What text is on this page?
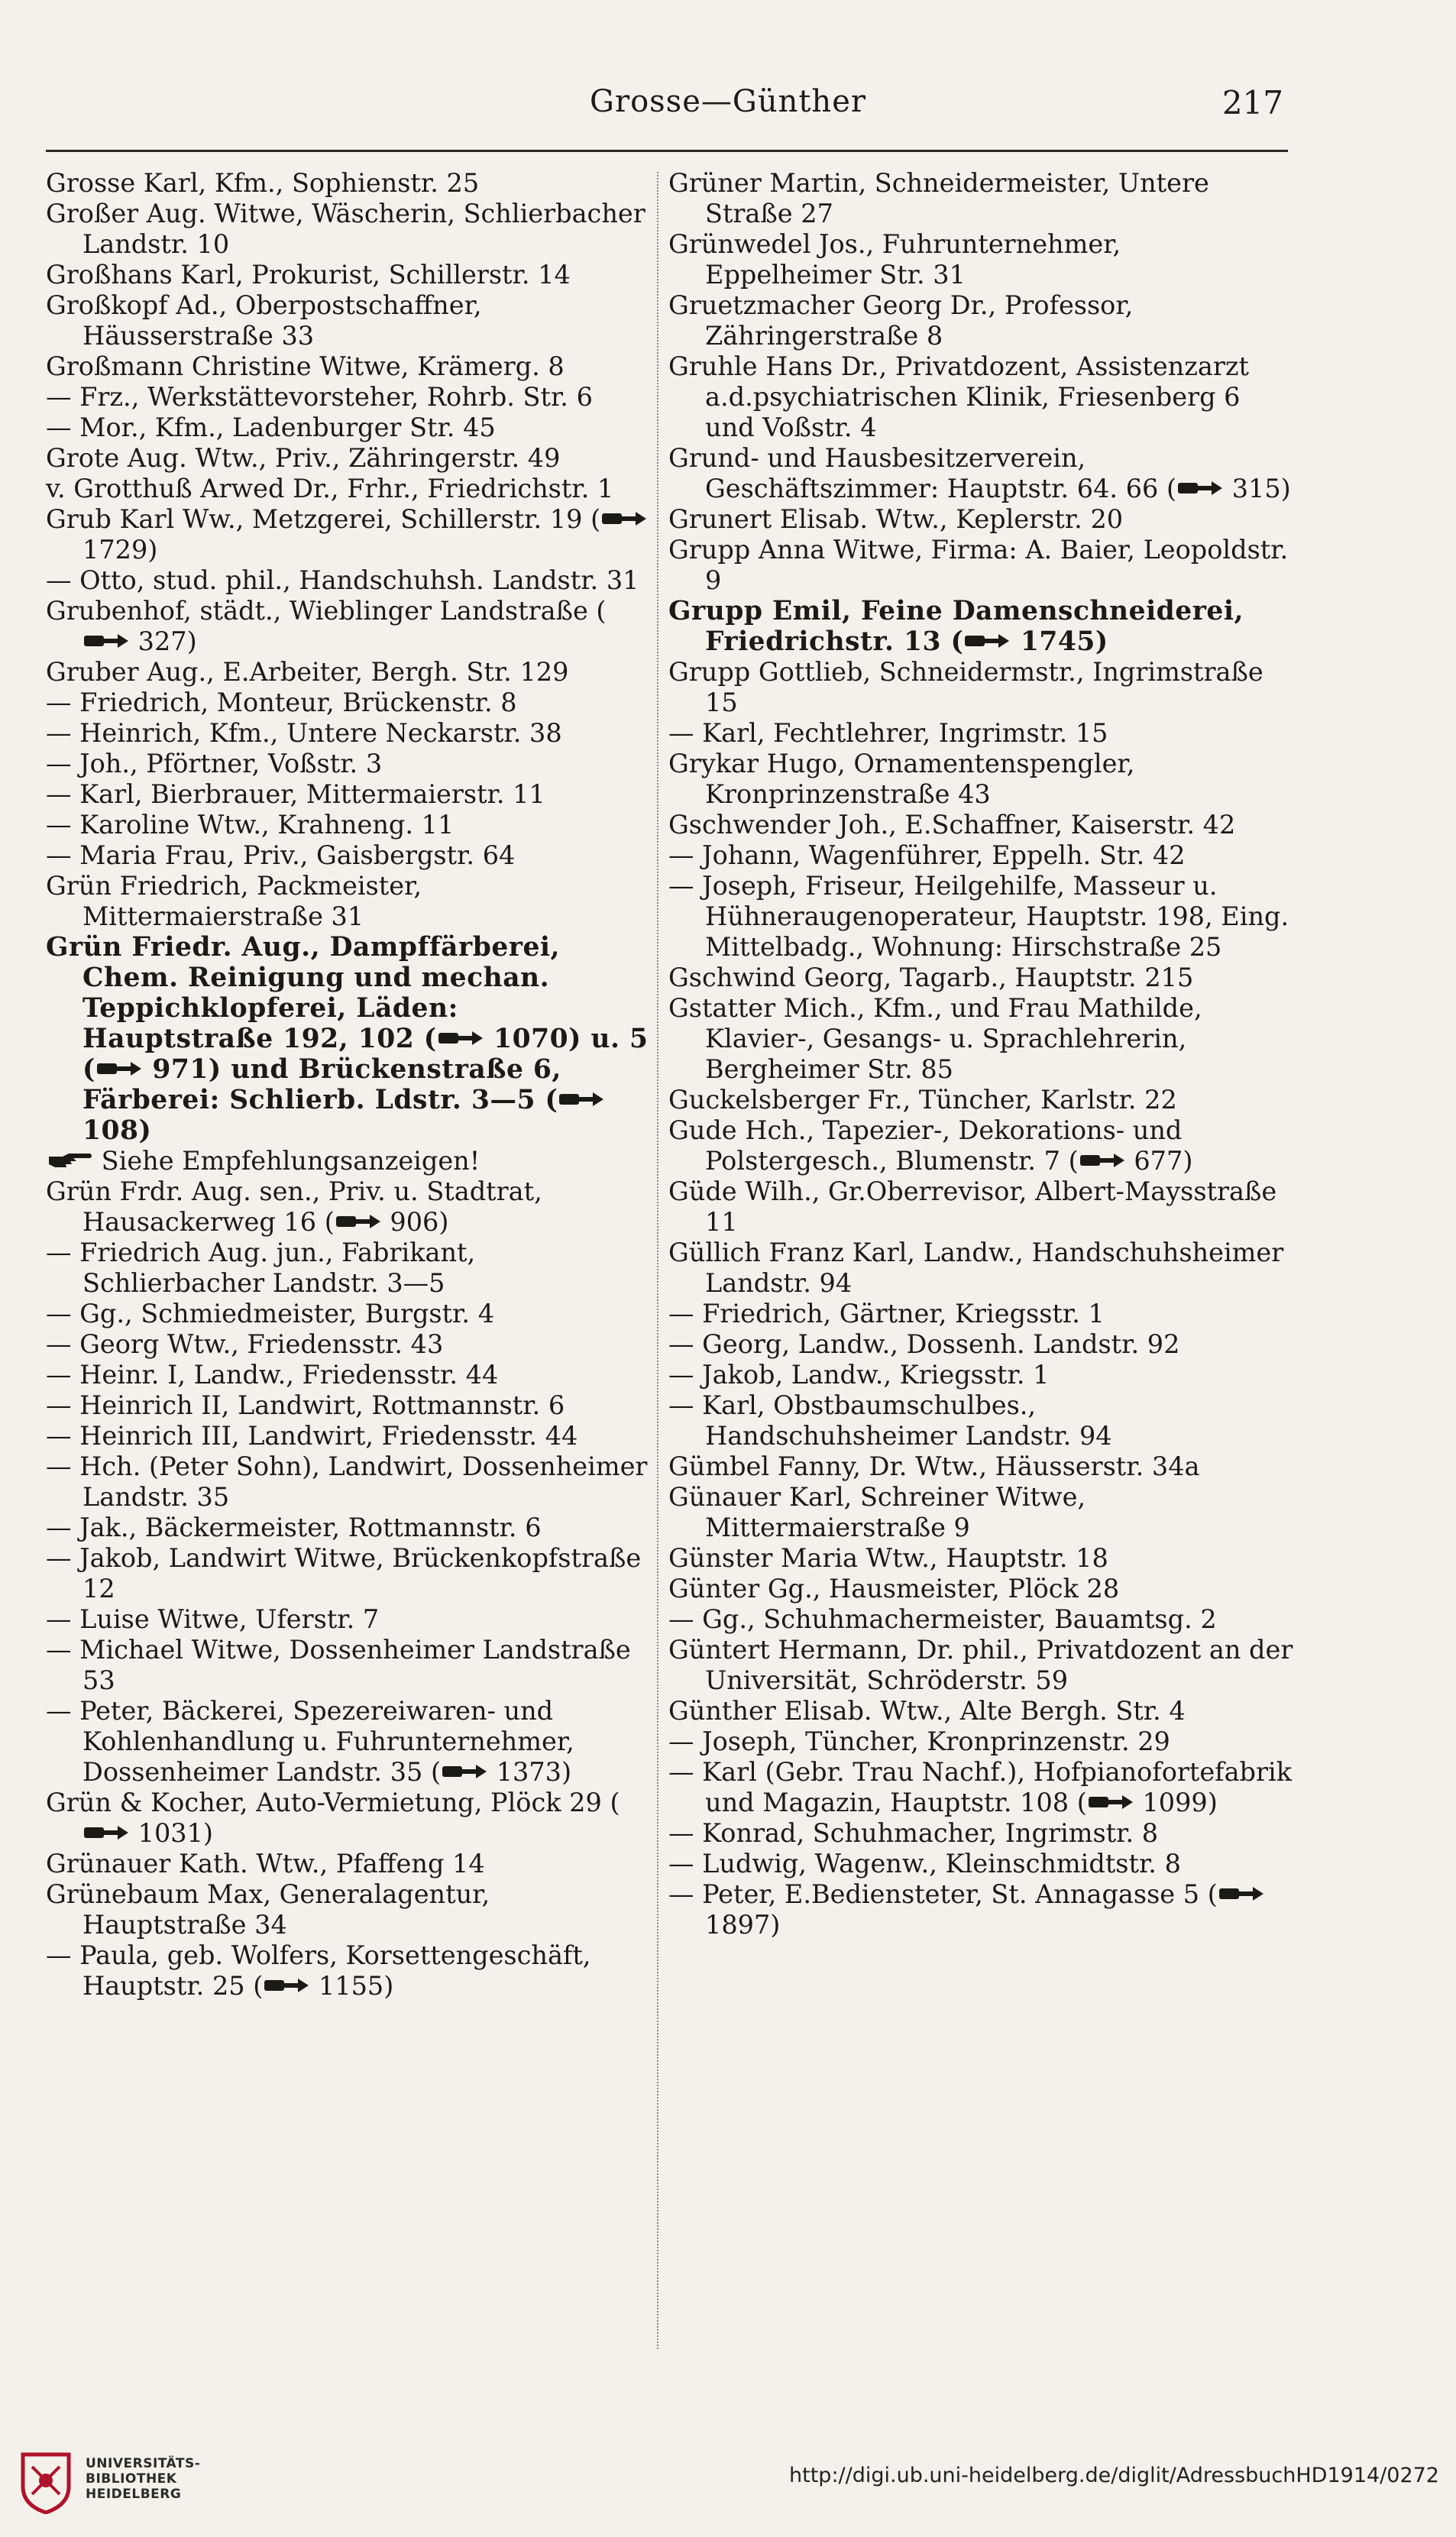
Grosse—Günther	217
Grosse Karl, Kfm., Sophienstr. 25
Großer Aug. Witwe, Wäscherin, Schlierbacher Landstr. 10
Großhans Karl, Prokurist, Schillerstr. 14
Großkopf Ad., Oberpostschaffner, Häusserstraße 33
Großmann Christine Witwe, Krämerg. 8
— Frz., Werkstättevorsteher, Rohrb. Str. 6
— Mor., Kfm., Ladenburger Str. 45
Grote Aug. Wtw., Priv., Zähringerstr. 49
v. Grotthuß Arwed Dr., Frhr., Friedrichstr. 1
Grub Karl Ww., Metzgerei, Schillerstr. 19 ( 1729)
— Otto, stud. phil., Handschuhsh. Landstr. 31
Grubenhof, städt., Wieblinger Landstraße ( 327)
Gruber Aug., E.Arbeiter, Bergh. Str. 129
— Friedrich, Monteur, Brückenstr. 8
— Heinrich, Kfm., Untere Neckarstr. 38
— Joh., Pförtner, Voßstr. 3
— Karl, Bierbrauer, Mittermaierstr. 11
— Karoline Wtw., Krahneng. 11
— Maria Frau, Priv., Gaisbergstr. 64
Grün Friedrich, Packmeister, Mittermaierstraße 31
Grün Friedr. Aug., Dampffärberei, Chem. Reinigung und mechan. Teppichklopferei, Läden: Hauptstraße 192, 102 ( 1070) u. 5 ( 971) und Brückenstraße 6, Färberei: Schlierb. Ldstr. 3—5 ( 108)
Siehe Empfehlungsanzeigen!
Grün Frdr. Aug. sen., Priv. u. Stadtrat, Hausackerweg 16 ( 906)
— Friedrich Aug. jun., Fabrikant, Schlierbacher Landstr. 3—5
— Gg., Schmiedmeister, Burgstr. 4
— Georg Wtw., Friedensstr. 43
— Heinr. I, Landw., Friedensstr. 44
— Heinrich II, Landwirt, Rottmannstr. 6
— Heinrich III, Landwirt, Friedensstr. 44
— Hch. (Peter Sohn), Landwirt, Dossenheimer Landstr. 35
— Jak., Bäckermeister, Rottmannstr. 6
— Jakob, Landwirt Witwe, Brückenkopfstraße 12
— Luise Witwe, Uferstr. 7
— Michael Witwe, Dossenheimer Landstraße 53
— Peter, Bäckerei, Spezereiwaren- und Kohlenhandlung u. Fuhrunternehmer, Dossenheimer Landstr. 35 ( 1373)
Grün & Kocher, Auto-Vermietung, Plöck 29 ( 1031)
Grünauer Kath. Wtw., Pfaffeng 14
Grünebaum Max, Generalagentur, Hauptstraße 34
— Paula, geb. Wolfers, Korsettengeschäft, Hauptstr. 25 ( 1155)
Grüner Martin, Schneidermeister, Untere Straße 27
Grünwedel Jos., Fuhrunternehmer, Eppelheimer Str. 31
Gruetzmacher Georg Dr., Professor, Zähringerstraße 8
Gruhle Hans Dr., Privatdozent, Assistenzarzt a.d.psychiatrischen Klinik, Friesenberg 6 und Voßstr. 4
Grund- und Hausbesitzerverein, Geschäftszimmer: Hauptstr. 64. 66 ( 315)
Grunert Elisab. Wtw., Keplerstr. 20
Grupp Anna Witwe, Firma: A. Baier, Leopoldstr. 9
Grupp Emil, Feine Damenschneiderei, Friedrichstr. 13 ( 1745)
Grupp Gottlieb, Schneidermstr., Ingrimstraße 15
— Karl, Fechtlehrer, Ingrimstr. 15
Grykar Hugo, Ornamentenspengler, Kronprinzenstraße 43
Gschwender Joh., E.Schaffner, Kaiserstr. 42
— Johann, Wagenführer, Eppelh. Str. 42
— Joseph, Friseur, Heilgehilfe, Masseur u. Hühneraugenoperateur, Hauptstr. 198, Eing. Mittelbadg., Wohnung: Hirschstraße 25
Gschwind Georg, Tagarb., Hauptstr. 215
Gstatter Mich., Kfm., und Frau Mathilde, Klavier-, Gesangs- u. Sprachlehrerin, Bergheimer Str. 85
Guckelsberger Fr., Tüncher, Karlstr. 22
Gude Hch., Tapezier-, Dekorations- und Polstergesch., Blumenstr. 7 ( 677)
Güde Wilh., Gr.Oberrevisor, Albert-Maysstraße 11
Güllich Franz Karl, Landw., Handschuhsheimer Landstr. 94
— Friedrich, Gärtner, Kriegsstr. 1
— Georg, Landw., Dossenh. Landstr. 92
— Jakob, Landw., Kriegsstr. 1
— Karl, Obstbaumschulbes., Handschuhsheimer Landstr. 94
Gümbel Fanny, Dr. Wtw., Häusserstr. 34a
Günauer Karl, Schreiner Witwe, Mittermaierstraße 9
Günster Maria Wtw., Hauptstr. 18
Günter Gg., Hausmeister, Plöck 28
— Gg., Schuhmachermeister, Bauamtsg. 2
Güntert Hermann, Dr. phil., Privatdozent an der Universität, Schröderstr. 59
Günther Elisab. Wtw., Alte Bergh. Str. 4
— Joseph, Tüncher, Kronprinzenstr. 29
— Karl (Gebr. Trau Nachf.), Hofpianofortefabrik und Magazin, Hauptstr. 108 ( 1099)
— Konrad, Schuhmacher, Ingrimstr. 8
— Ludwig, Wagenw., Kleinschmidtstr. 8
— Peter, E.Bediensteter, St. Annagasse 5 ( 1897)
UNIVERSITÄTS-
BIBLIOTHEK
HEIDELBERG
http://digi.ub.uni-heidelberg.de/diglit/AdressbuchHD1914/0272
